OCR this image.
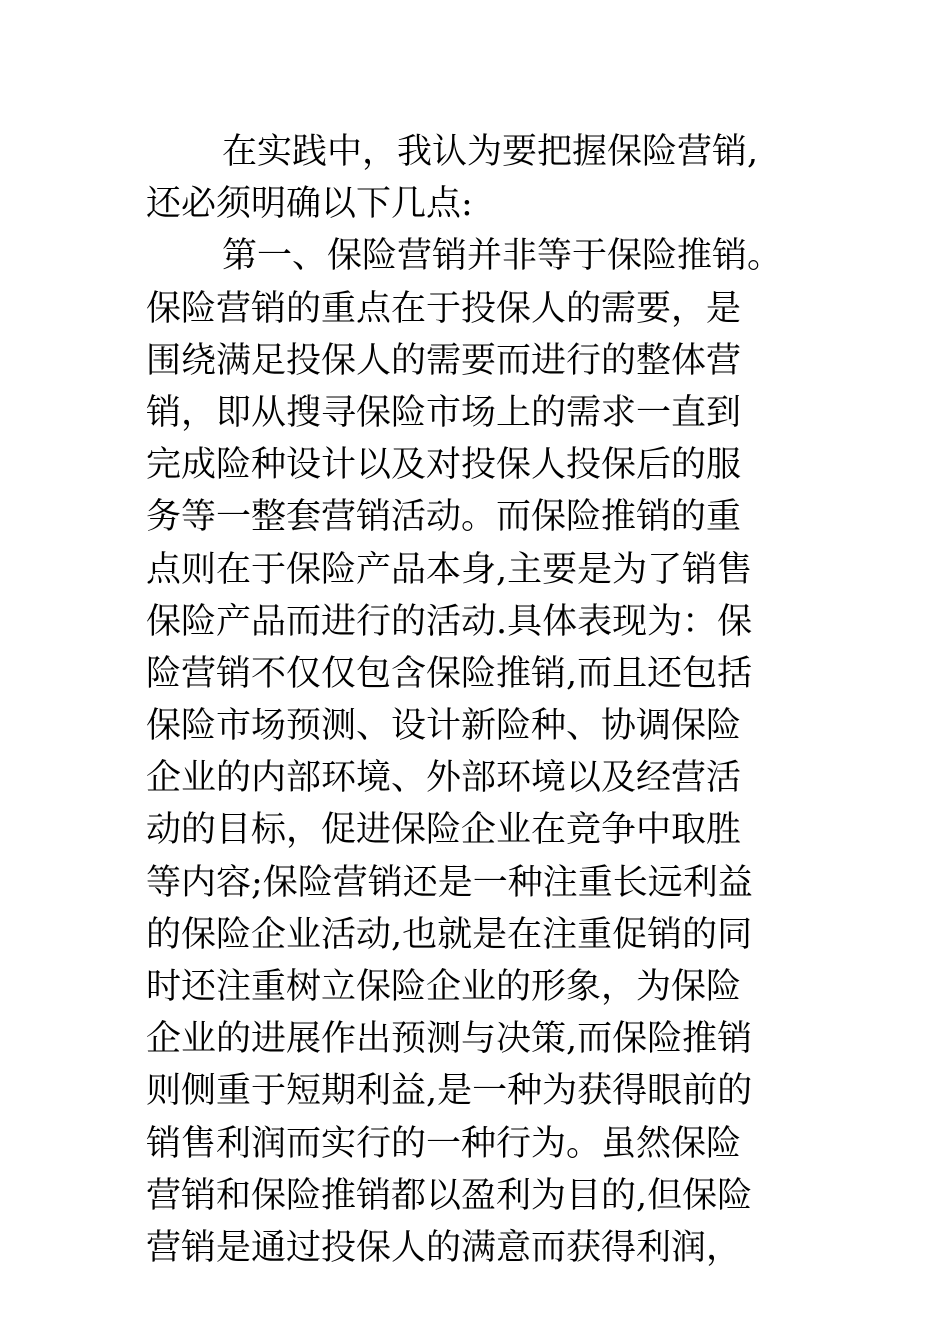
在实践中，我认为要把握保险营销,
还必须明确以下几点:
第一、保险营销并非等于保险推销。
保险营销的重点在于投保人的需要，是
围绕满足投保人的需要而进行的整体营
销，即从搜寻保险市场上的需求一直到
完成险种设计以及对投保人投保后的服
务等一整套营销活动。而保险推销的重
点则在于保险产品本身,主要是为了销售
保险产品而进行的活动.具体表现为：保
险营销不仅仅包含保险推销,而且还包括
保险市场预测、设计新险种、协调保险
企业的内部环境、外部环境以及经营活
动的目标，促进保险企业在竞争中取胜
等内容;保险营销还是一种注重长远利益
的保险企业活动,也就是在注重促销的同
时还注重树立保险企业的形象，为保险
企业的进展作出预测与决策,而保险推销
则侧重于短期利益,是一种为获得眼前的
销售利润而实行的一种行为。虽然保险
营销和保险推销都以盈利为目的,但保险
营销是通过投保人的满意而获得利润，
